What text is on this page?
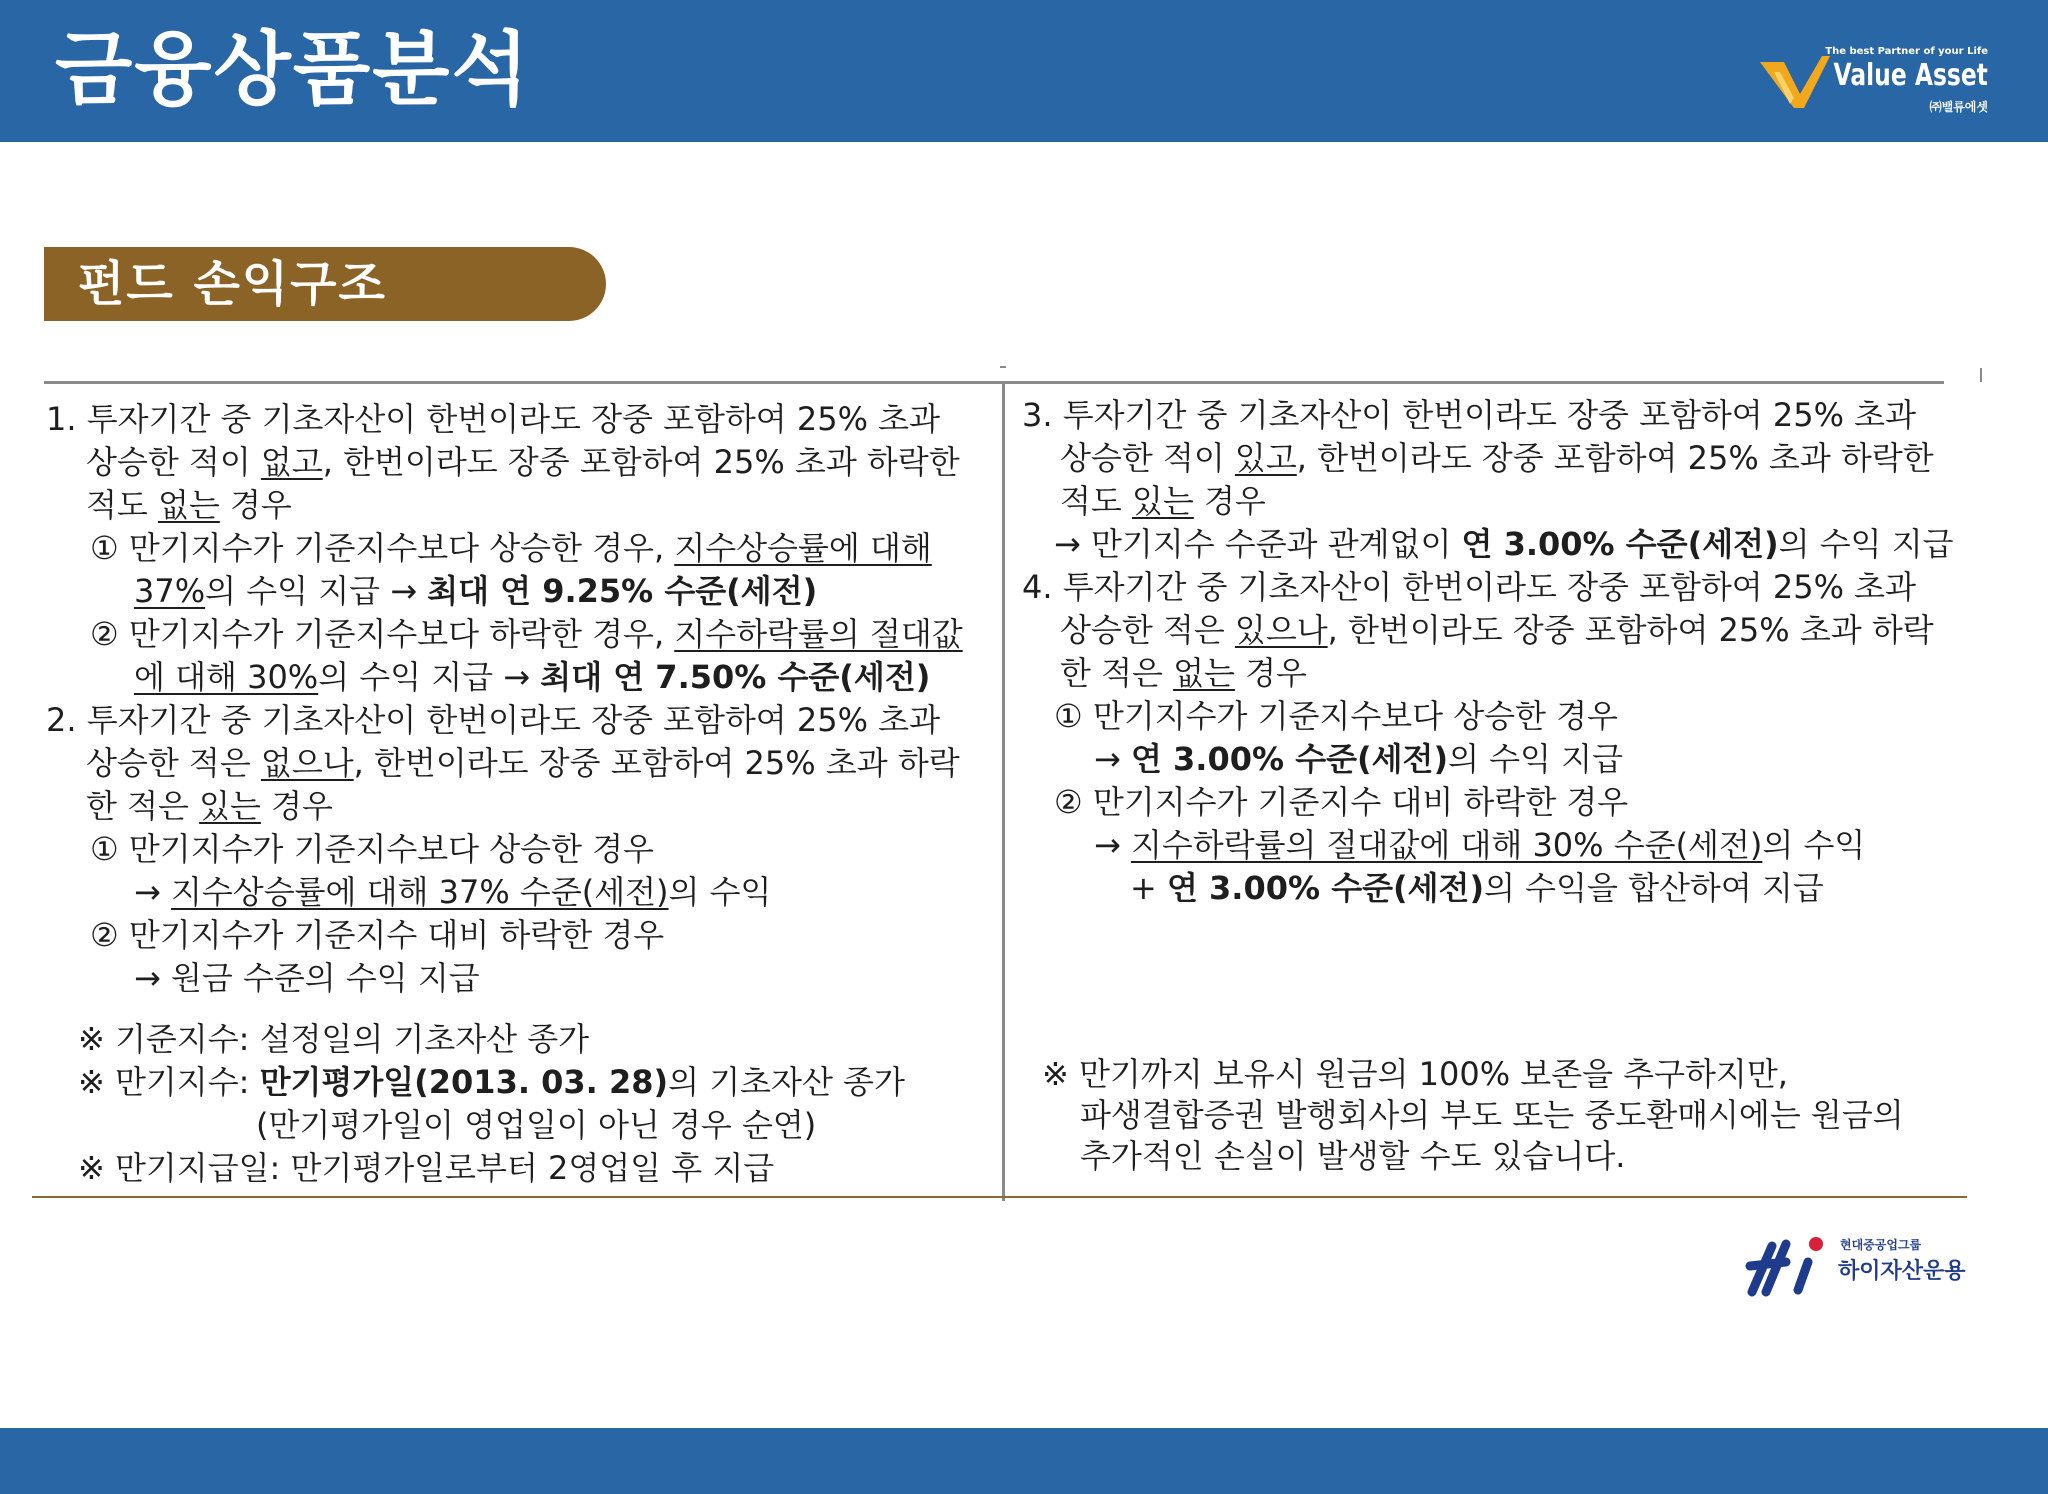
금융상품분석	The best Partner of your Life
Value Asset
㈜밸류에셋
펀드 손익구조

1. 투자기간 중 기초자산이 한번이라도 장중 포함하여 25% 초과

상승한 적이 없고, 한번이라도 장중 포함하여 25% 초과 하락한

적도 없는 경우

① 만기지수가 기준지수보다 상승한 경우, 지수상승률에 대해

37%의 수익 지급 → 최대 연 9.25% 수준(세전)

② 만기지수가 기준지수보다 하락한 경우, 지수하락률의 절대값

에 대해 30%의 수익 지급 → 최대 연 7.50% 수준(세전)

2. 투자기간 중 기초자산이 한번이라도 장중 포함하여 25% 초과

상승한 적은 없으나, 한번이라도 장중 포함하여 25% 초과 하락

한 적은 있는 경우

① 만기지수가 기준지수보다 상승한 경우

→ 지수상승률에 대해 37% 수준(세전)의 수익

② 만기지수가 기준지수 대비 하락한 경우

→ 원금 수준의 수익 지급

※ 기준지수: 설정일의 기초자산 종가

※ 만기지수: 만기평가일(2013. 03. 28)의 기초자산 종가

(만기평가일이 영업일이 아닌 경우 순연)

※ 만기지급일: 만기평가일로부터 2영업일 후 지급

3. 투자기간 중 기초자산이 한번이라도 장중 포함하여 25% 초과

상승한 적이 있고, 한번이라도 장중 포함하여 25% 초과 하락한

적도 있는 경우

→ 만기지수 수준과 관계없이 연 3.00% 수준(세전)의 수익 지급

4. 투자기간 중 기초자산이 한번이라도 장중 포함하여 25% 초과

상승한 적은 있으나, 한번이라도 장중 포함하여 25% 초과 하락

한 적은 없는 경우

① 만기지수가 기준지수보다 상승한 경우

→ 연 3.00% 수준(세전)의 수익 지급

② 만기지수가 기준지수 대비 하락한 경우

→ 지수하락률의 절대값에 대해 30% 수준(세전)의 수익

+ 연 3.00% 수준(세전)의 수익을 합산하여 지급

※ 만기까지 보유시 원금의 100% 보존을 추구하지만,

파생결합증권 발행회사의 부도 또는 중도환매시에는 원금의

추가적인 손실이 발생할 수도 있습니다.

현대중공업그룹
하이자산운용
